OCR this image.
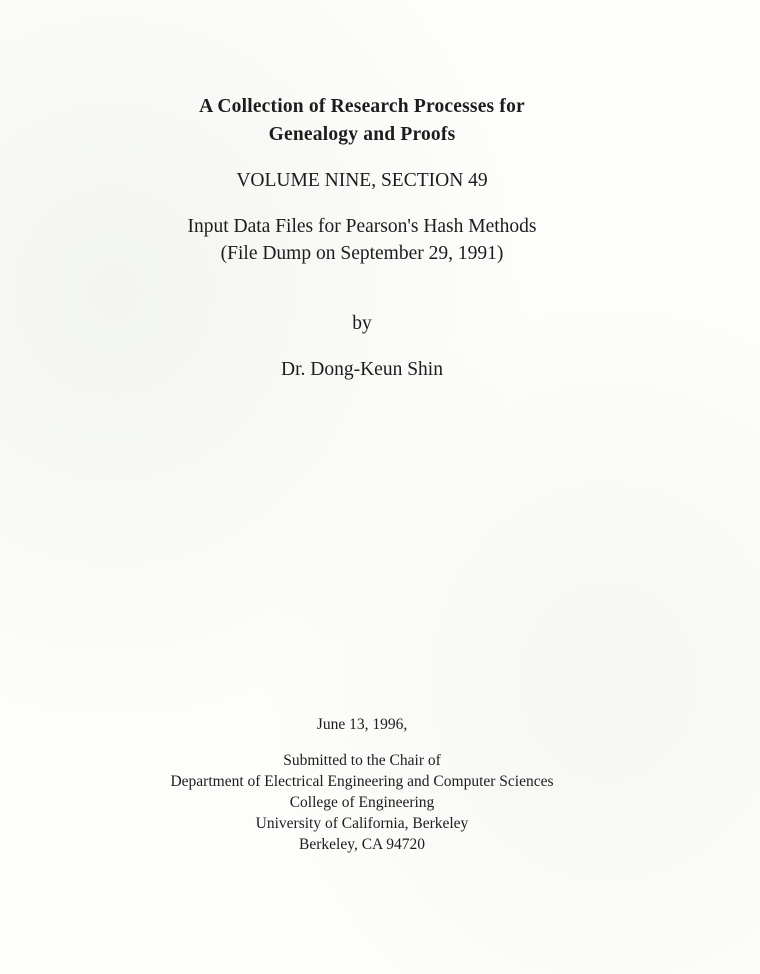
A Collection of Research Processes for
Genealogy and Proofs
VOLUME NINE, SECTION 49
Input Data Files for Pearson's Hash Methods
(File Dump on September 29, 1991)
by
Dr. Dong-Keun Shin
June 13, 1996,
Submitted to the Chair of
Department of Electrical Engineering and Computer Sciences
College of Engineering
University of California, Berkeley
Berkeley, CA 94720
